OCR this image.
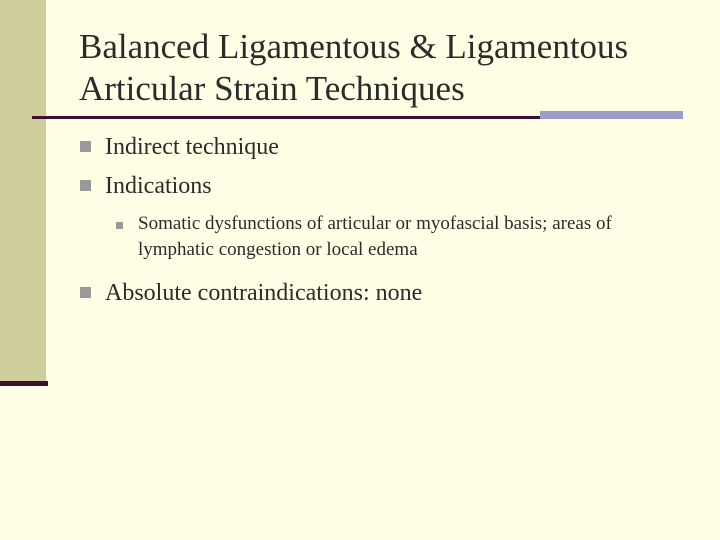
Balanced Ligamentous & Ligamentous
Articular Strain Techniques
Indirect technique
Indications
Somatic dysfunctions of articular or myofascial basis; areas of lymphatic congestion or local edema
Absolute contraindications: none
